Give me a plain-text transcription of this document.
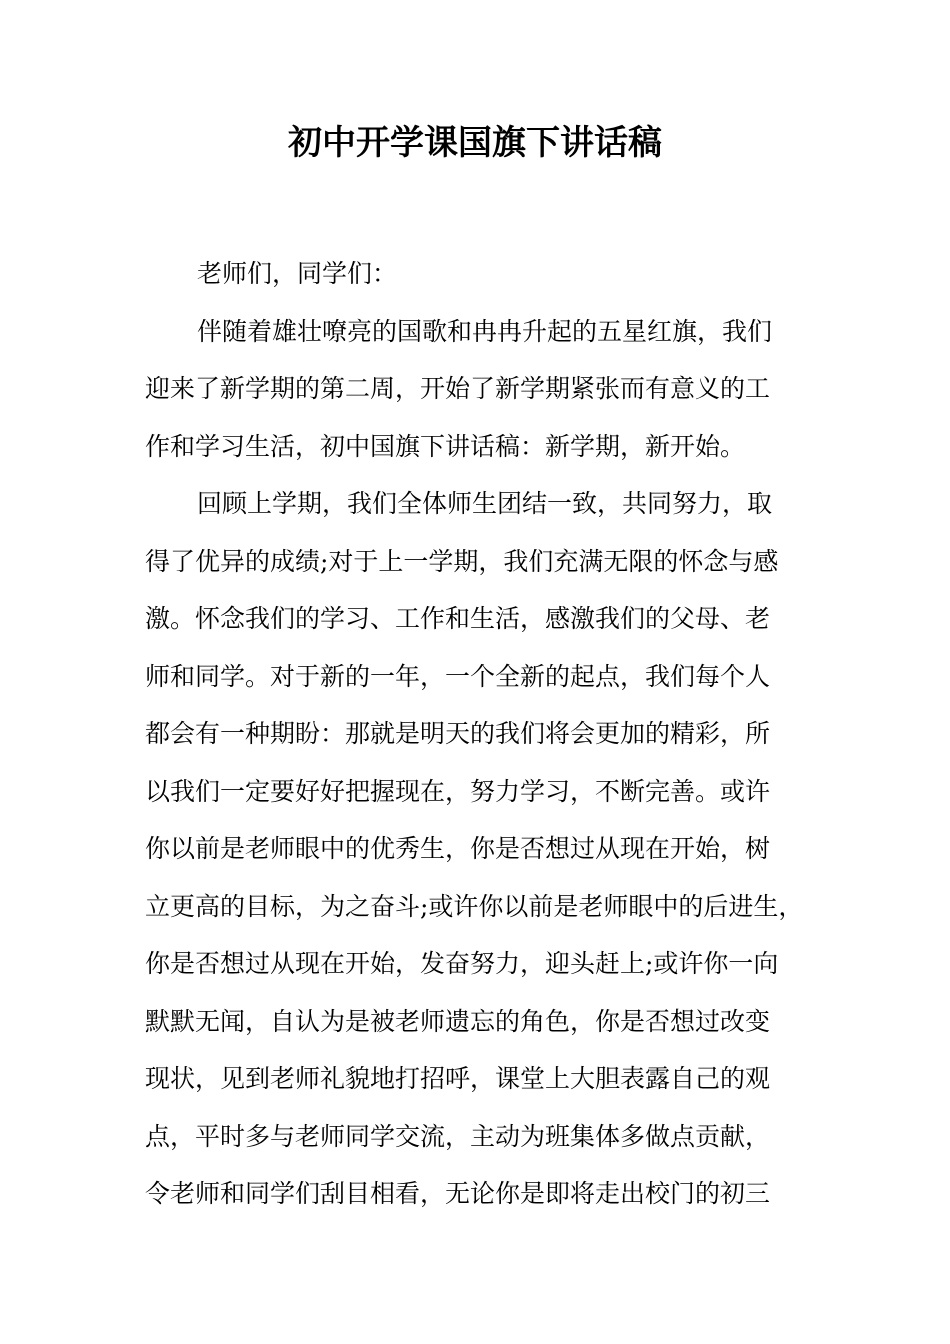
初中开学课国旗下讲话稿
老师们，同学们：
伴随着雄壮嘹亮的国歌和冉冉升起的五星红旗，我们
迎来了新学期的第二周，开始了新学期紧张而有意义的工
作和学习生活，初中国旗下讲话稿：新学期，新开始。
回顾上学期，我们全体师生团结一致，共同努力，取
得了优异的成绩;对于上一学期，我们充满无限的怀念与感
激。怀念我们的学习、工作和生活，感激我们的父母、老
师和同学。对于新的一年，一个全新的起点，我们每个人
都会有一种期盼：那就是明天的我们将会更加的精彩，所
以我们一定要好好把握现在，努力学习，不断完善。或许
你以前是老师眼中的优秀生，你是否想过从现在开始，树
立更高的目标，为之奋斗;或许你以前是老师眼中的后进生，
你是否想过从现在开始，发奋努力，迎头赶上;或许你一向
默默无闻，自认为是被老师遗忘的角色，你是否想过改变
现状，见到老师礼貌地打招呼，课堂上大胆表露自己的观
点，平时多与老师同学交流，主动为班集体多做点贡献，
令老师和同学们刮目相看，无论你是即将走出校门的初三
